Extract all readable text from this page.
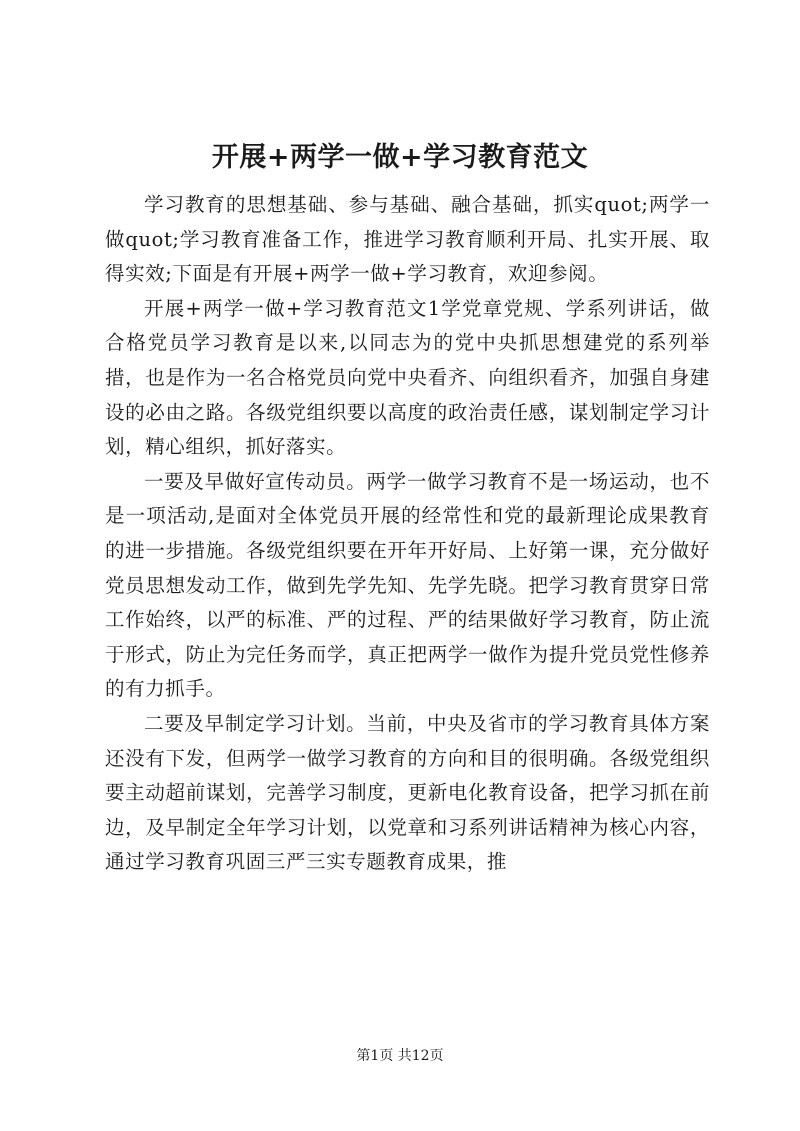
开展+两学一做+学习教育范文

学习教育的思想基础、参与基础、融合基础，抓实quot;两学一做quot;学习教育准备工作，推进学习教育顺利开局、扎实开展、取得实效;下面是有开展+两学一做+学习教育，欢迎参阅。

开展+两学一做+学习教育范文1学党章党规、学系列讲话，做合格党员学习教育是以来,以同志为的党中央抓思想建党的系列举措，也是作为一名合格党员向党中央看齐、向组织看齐，加强自身建设的必由之路。各级党组织要以高度的政治责任感，谋划制定学习计划，精心组织，抓好落实。

一要及早做好宣传动员。两学一做学习教育不是一场运动，也不是一项活动,是面对全体党员开展的经常性和党的最新理论成果教育的进一步措施。各级党组织要在开年开好局、上好第一课，充分做好党员思想发动工作，做到先学先知、先学先晓。把学习教育贯穿日常工作始终，以严的标准、严的过程、严的结果做好学习教育，防止流于形式，防止为完任务而学，真正把两学一做作为提升党员党性修养的有力抓手。

二要及早制定学习计划。当前，中央及省市的学习教育具体方案还没有下发，但两学一做学习教育的方向和目的很明确。各级党组织要主动超前谋划，完善学习制度，更新电化教育设备，把学习抓在前边，及早制定全年学习计划，以党章和习系列讲话精神为核心内容，通过学习教育巩固三严三实专题教育成果，推

第1页 共12页
